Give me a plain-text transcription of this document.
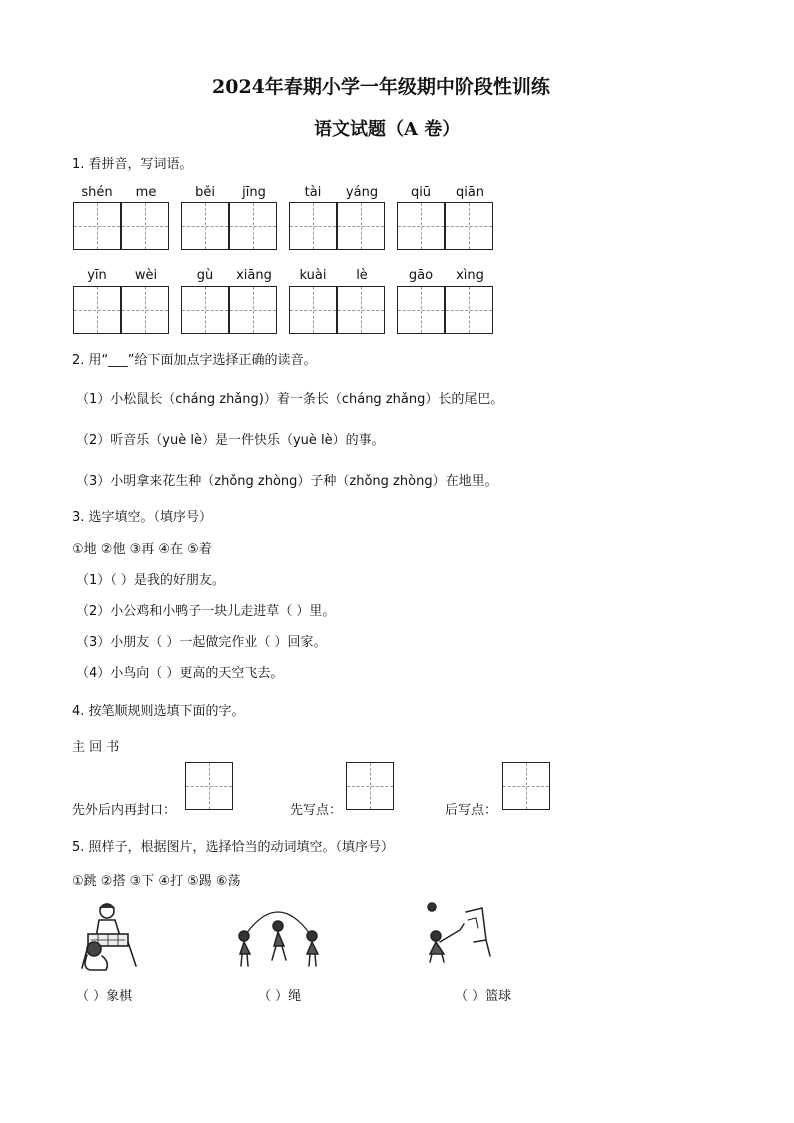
2024年春期小学一年级期中阶段性训练
语文试题（A 卷）
1. 看拼音，写词语。
shén	me	běi	jīng	tài	yáng	qiū	qiān
yīn	wèi	gù	xiāng	kuài	lè	gāo	xìng
2. 用“___”给下面加点字选择正确的读音。
（1）小松鼠长（cháng zhǎng)）着一条长（cháng zhǎng）长的尾巴。
（2）听音乐（yuè lè）是一件快乐（yuè lè）的事。
（3）小明拿来花生种（zhǒng zhòng）子种（zhǒng zhòng）在地里。
3. 选字填空。（填序号）
①地 ②他 ③再 ④在 ⑤着
（1）（ ）是我的好朋友。
（2）小公鸡和小鸭子一块儿走进草（ ）里。
（3）小朋友（ ）一起做完作业（ ）回家。
（4）小鸟向（ ）更高的天空飞去。
4. 按笔顺规则选填下面的字。
主 回 书
先外后内再封口：	先写点：	后写点：
5. 照样子，根据图片，选择恰当的动词填空。（填序号）
①跳 ②搭 ③下 ④打 ⑤踢 ⑥荡
（ ）象棋	（ ）绳	（ ）篮球
